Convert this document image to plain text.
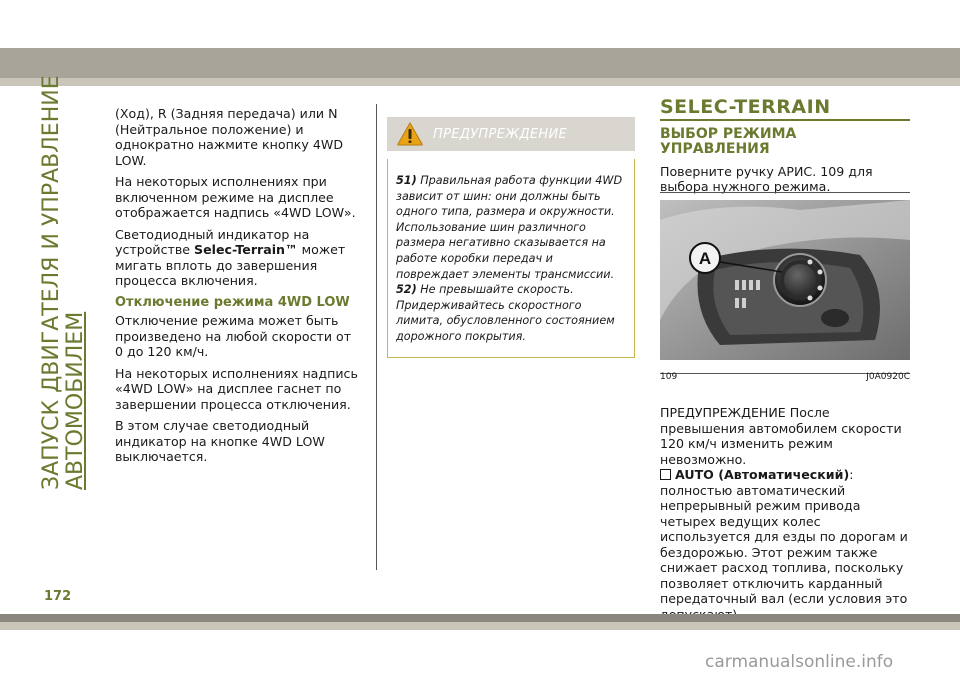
ЗАПУСК ДВИГАТЕЛЯ И УПРАВЛЕНИЕ АВТОМОБИЛЕМ

(Ход), R (Задняя передача) или N (Нейтральное положение) и однократно нажмите кнопку 4WD LOW.

На некоторых исполнениях при включенном режиме на дисплее отображается надпись «4WD LOW».

Светодиодный индикатор на устройстве Selec-Terrain™ может мигать вплоть до завершения процесса включения.

Отключение режима 4WD LOW

Отключение режима может быть произведено на любой скорости от 0 до 120 км/ч.

На некоторых исполнениях надпись «4WD LOW» на дисплее гаснет по завершении процесса отключения.

В этом случае светодиодный индикатор на кнопке 4WD LOW выключается.

ПРЕДУПРЕЖДЕНИЕ

51) Правильная работа функции 4WD зависит от шин: они должны быть одного типа, размера и окружности. Использование шин различного размера негативно сказывается на работе коробки передач и повреждает элементы трансмиссии.

52) Не превышайте скорость. Придерживайтесь скоростного лимита, обусловленного состоянием дорожного покрытия.

SELEC-TERRAIN
ВЫБОР РЕЖИМА УПРАВЛЕНИЯ

Поверните ручку АРИС. 109 для выбора нужного режима.

A
109	J0A0920C

ПРЕДУПРЕЖДЕНИЕ После превышения автомобилем скорости 120 км/ч изменить режим невозможно.

AUTO (Автоматический):
полностью автоматический непрерывный режим привода четырех ведущих колес используется для езды по дорогам и бездорожью. Этот режим также снижает расход топлива, поскольку позволяет отключить карданный передаточный вал (если условия это

172
carmanualsonline.info
